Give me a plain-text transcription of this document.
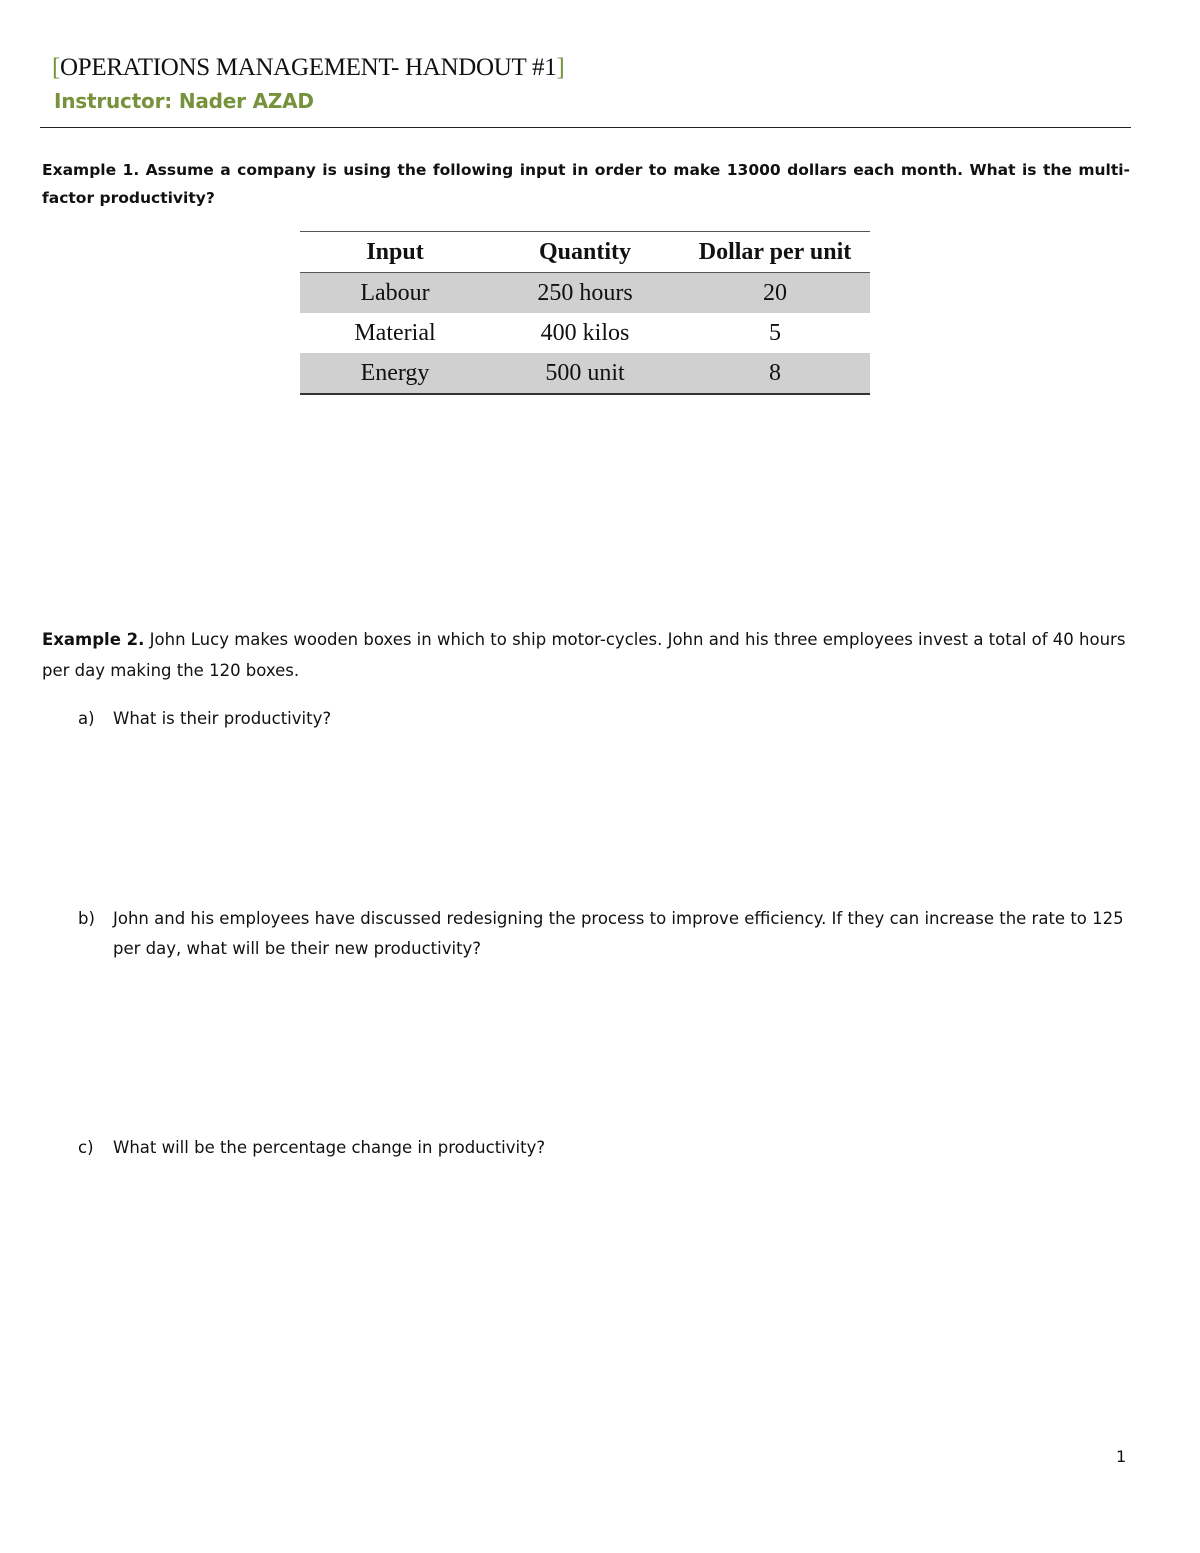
[OPERATIONS MANAGEMENT- HANDOUT #1]
Instructor: Nader AZAD
Example 1. Assume a company is using the following input in order to make 13000 dollars each month. What is the multi-factor productivity?
Input	Quantity	Dollar per unit
Labour	250 hours	20
Material	400 kilos	5
Energy	500 unit	8
Example 2. John Lucy makes wooden boxes in which to ship motor-cycles. John and his three employees invest a total of 40 hours per day making the 120 boxes.
a)	What is their productivity?
b)	John and his employees have discussed redesigning the process to improve efficiency. If they can increase the rate to 125 per day, what will be their new productivity?
c)	What will be the percentage change in productivity?
1
